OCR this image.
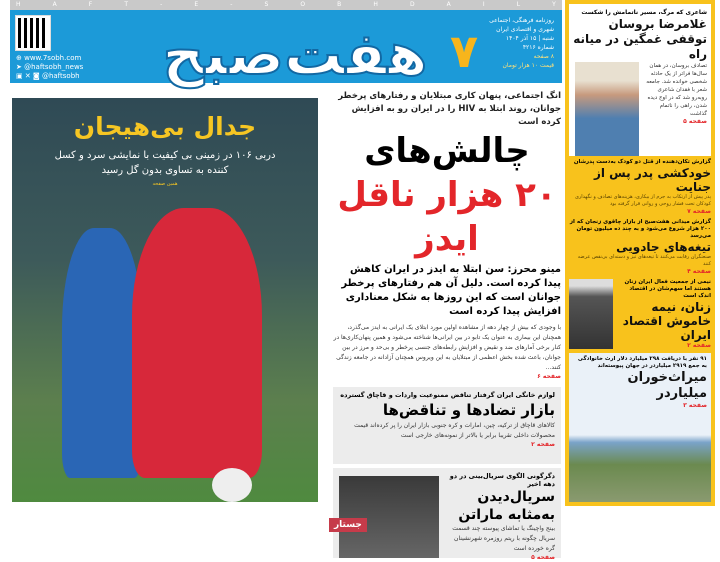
H	A	F	T	-	E	-	S	O	B	H	D	A	I	L	Y
⊕ www.7sobh.com
➤ @haftsobh_news
▣ ✕ ◙ @haftsobh	هفت‌صبح ۷
روزنامه فرهنگی، اجتماعی
شهری و اقتصادی ایران
شنبه | ۱۵ آذر ۱۴۰۴
شماره ۴۲۱۶
۸ صفحه
قیمت ۱۰ هزار تومان
جدال بی‌هیجان
دربی ۱۰۶ در زمینی بی کیفیت با نمایشی سرد و کسل کننده به تساوی بدون گل رسید
همین صفحه
انگ اجتماعی، پنهان کاری مبتلایان و رفتارهای پرخطر جوانان، روند ابتلا به HIV را در ایران رو به افزایش کرده است
چالش‌های
۲۰ هزار ناقل ایدز
مینو محرز: سن ابتلا به ایدز در ایران کاهش پیدا کرده است. دلیل آن هم رفتارهای پرخطر جوانان است که این روزها به شکل معناداری افزایش پیدا کرده است
با وجودی که بیش از چهار دهه از مشاهده اولین مورد ابتلای یک ایرانی به ایدز می‌گذرد، همچنان این بیماری به عنوان یک تابو در بین ایرانی‌ها شناخته می‌شود و همین پنهان‌کاری‌ها در کنار برخی آمارهای ضد و نقیض و افزایش رابطه‌های جنسی پرخطر و بی‌حد و مرز در بین جوانان، باعث شده بخش اعظمی از مبتلایان به این ویروس همچنان آزادانه در جامعه زندگی کنند...
صفحه ۶
لوازم خانگی ایران گرفتار تناقض ممنوعیت واردات و قاچاق گسترده
بازار تضادها و تناقض‌ها
کالاهای قاچاق از ترکیه، چین، امارات و کره جنوبی بازار ایران را پر کرده‌اند قیمت محصولات داخلی تقریبا برابر یا بالاتر از نمونه‌های خارجی است
صفحه ۲
جستار
دگرگونی الگوی سریال‌بینی در دو دهه اخیر
سریال‌دیدن
به‌مثابه ماراتن
بینج واچینگ یا تماشای پیوسته چند قسمت سریال چگونه با ریتم روزمره شهرنشینان گره خورده است
صفحه ۵
شاعری که مرگ، مسیر ناتمامش را شکست
غلامرضا بروسان توقفی غمگین در میانه راه
تصادف بروسان، در همان سال‌ها فراتر از یک حادثه شخصی خوانده شد. جامعه شعر با فقدان شاعری روبه‌رو شد که در اوج دیده شدن، راهی را ناتمام گذاشت
صفحه ۵
گزارش تکان‌دهنده از قتل دو کودک به‌دست پدرشان
خودکشی پدر پس از جنایت
پدر پیش از ارتکاب به جرم از بیکاری، هزینه‌های تصادف و نگهداری کودکان تحت فشار روحی و روانی قرار گرفته بود
صفحه ۷
گزارش میدانی هفت‌صبح از بازار چاقوی زنجان که از ۲۰۰ هزار شروع می‌شود و به چند ده میلیون تومان می‌رسد
تیغه‌های جادویی
صنعتگران رقابت می‌کنند تا تیغه‌های تیز و دسته‌ای بی‌نقص عرضه کنند
صفحه ۴
نیمی از جمعیت فعال ایران زنان هستند اما سهم‌شان در اقتصاد اندک است
زنان، نیمه خاموش اقتصاد ایران
صفحه ۲
۹۱ نفر با دریافت ۲۹۸ میلیارد دلار ارث خانوادگی به جمع ۲۹۱۹ میلیاردر در جهان پیوسته‌اند
میراث‌خوران میلیاردر
صفحه ۳
